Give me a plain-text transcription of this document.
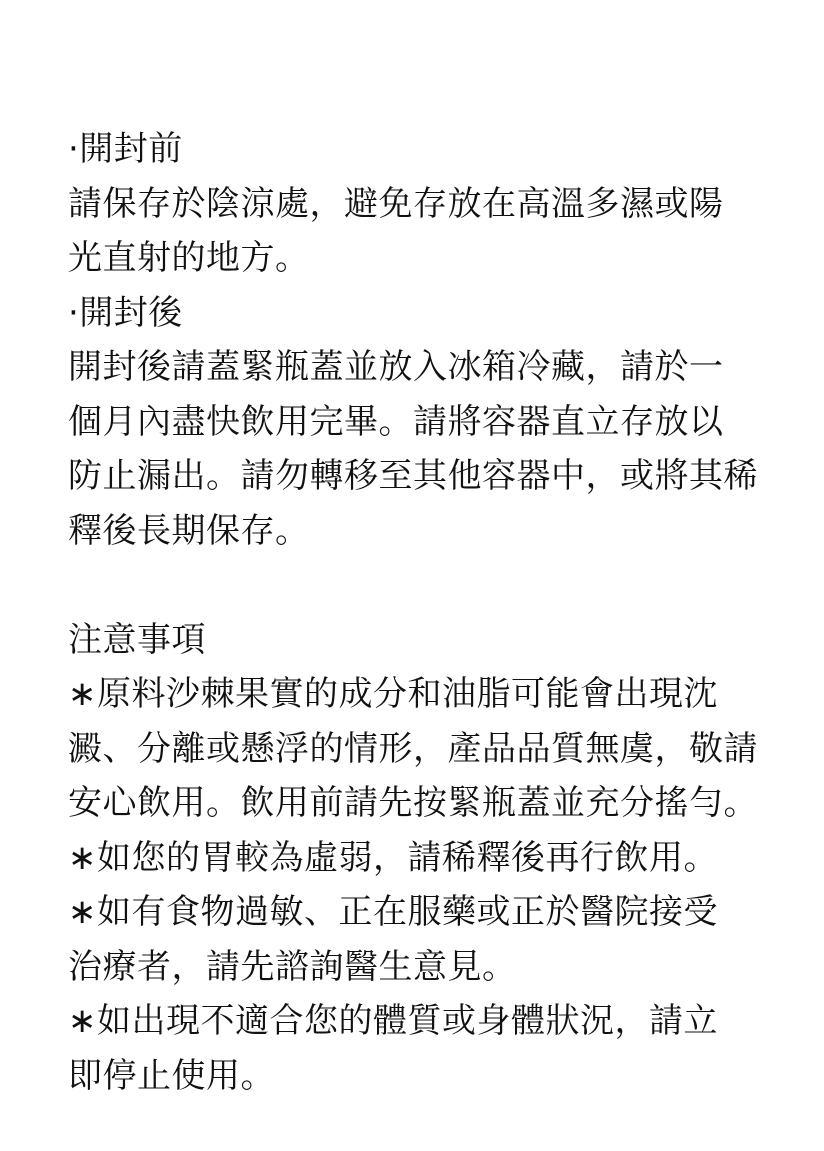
·開封前
請保存於陰涼處，避免存放在高溫多濕或陽
光直射的地方。
·開封後
開封後請蓋緊瓶蓋並放入冰箱冷藏，請於一
個月內盡快飲用完畢。請將容器直立存放以
防止漏出。請勿轉移至其他容器中，或將其稀
釋後長期保存。
注意事項
∗原料沙棘果實的成分和油脂可能會出現沈
澱、分離或懸浮的情形，產品品質無虞，敬請
安心飲用。飲用前請先按緊瓶蓋並充分搖勻。
∗如您的胃較為虛弱，請稀釋後再行飲用。
∗如有食物過敏、正在服藥或正於醫院接受
治療者，請先諮詢醫生意見。
∗如出現不適合您的體質或身體狀況，請立
即停止使用。
